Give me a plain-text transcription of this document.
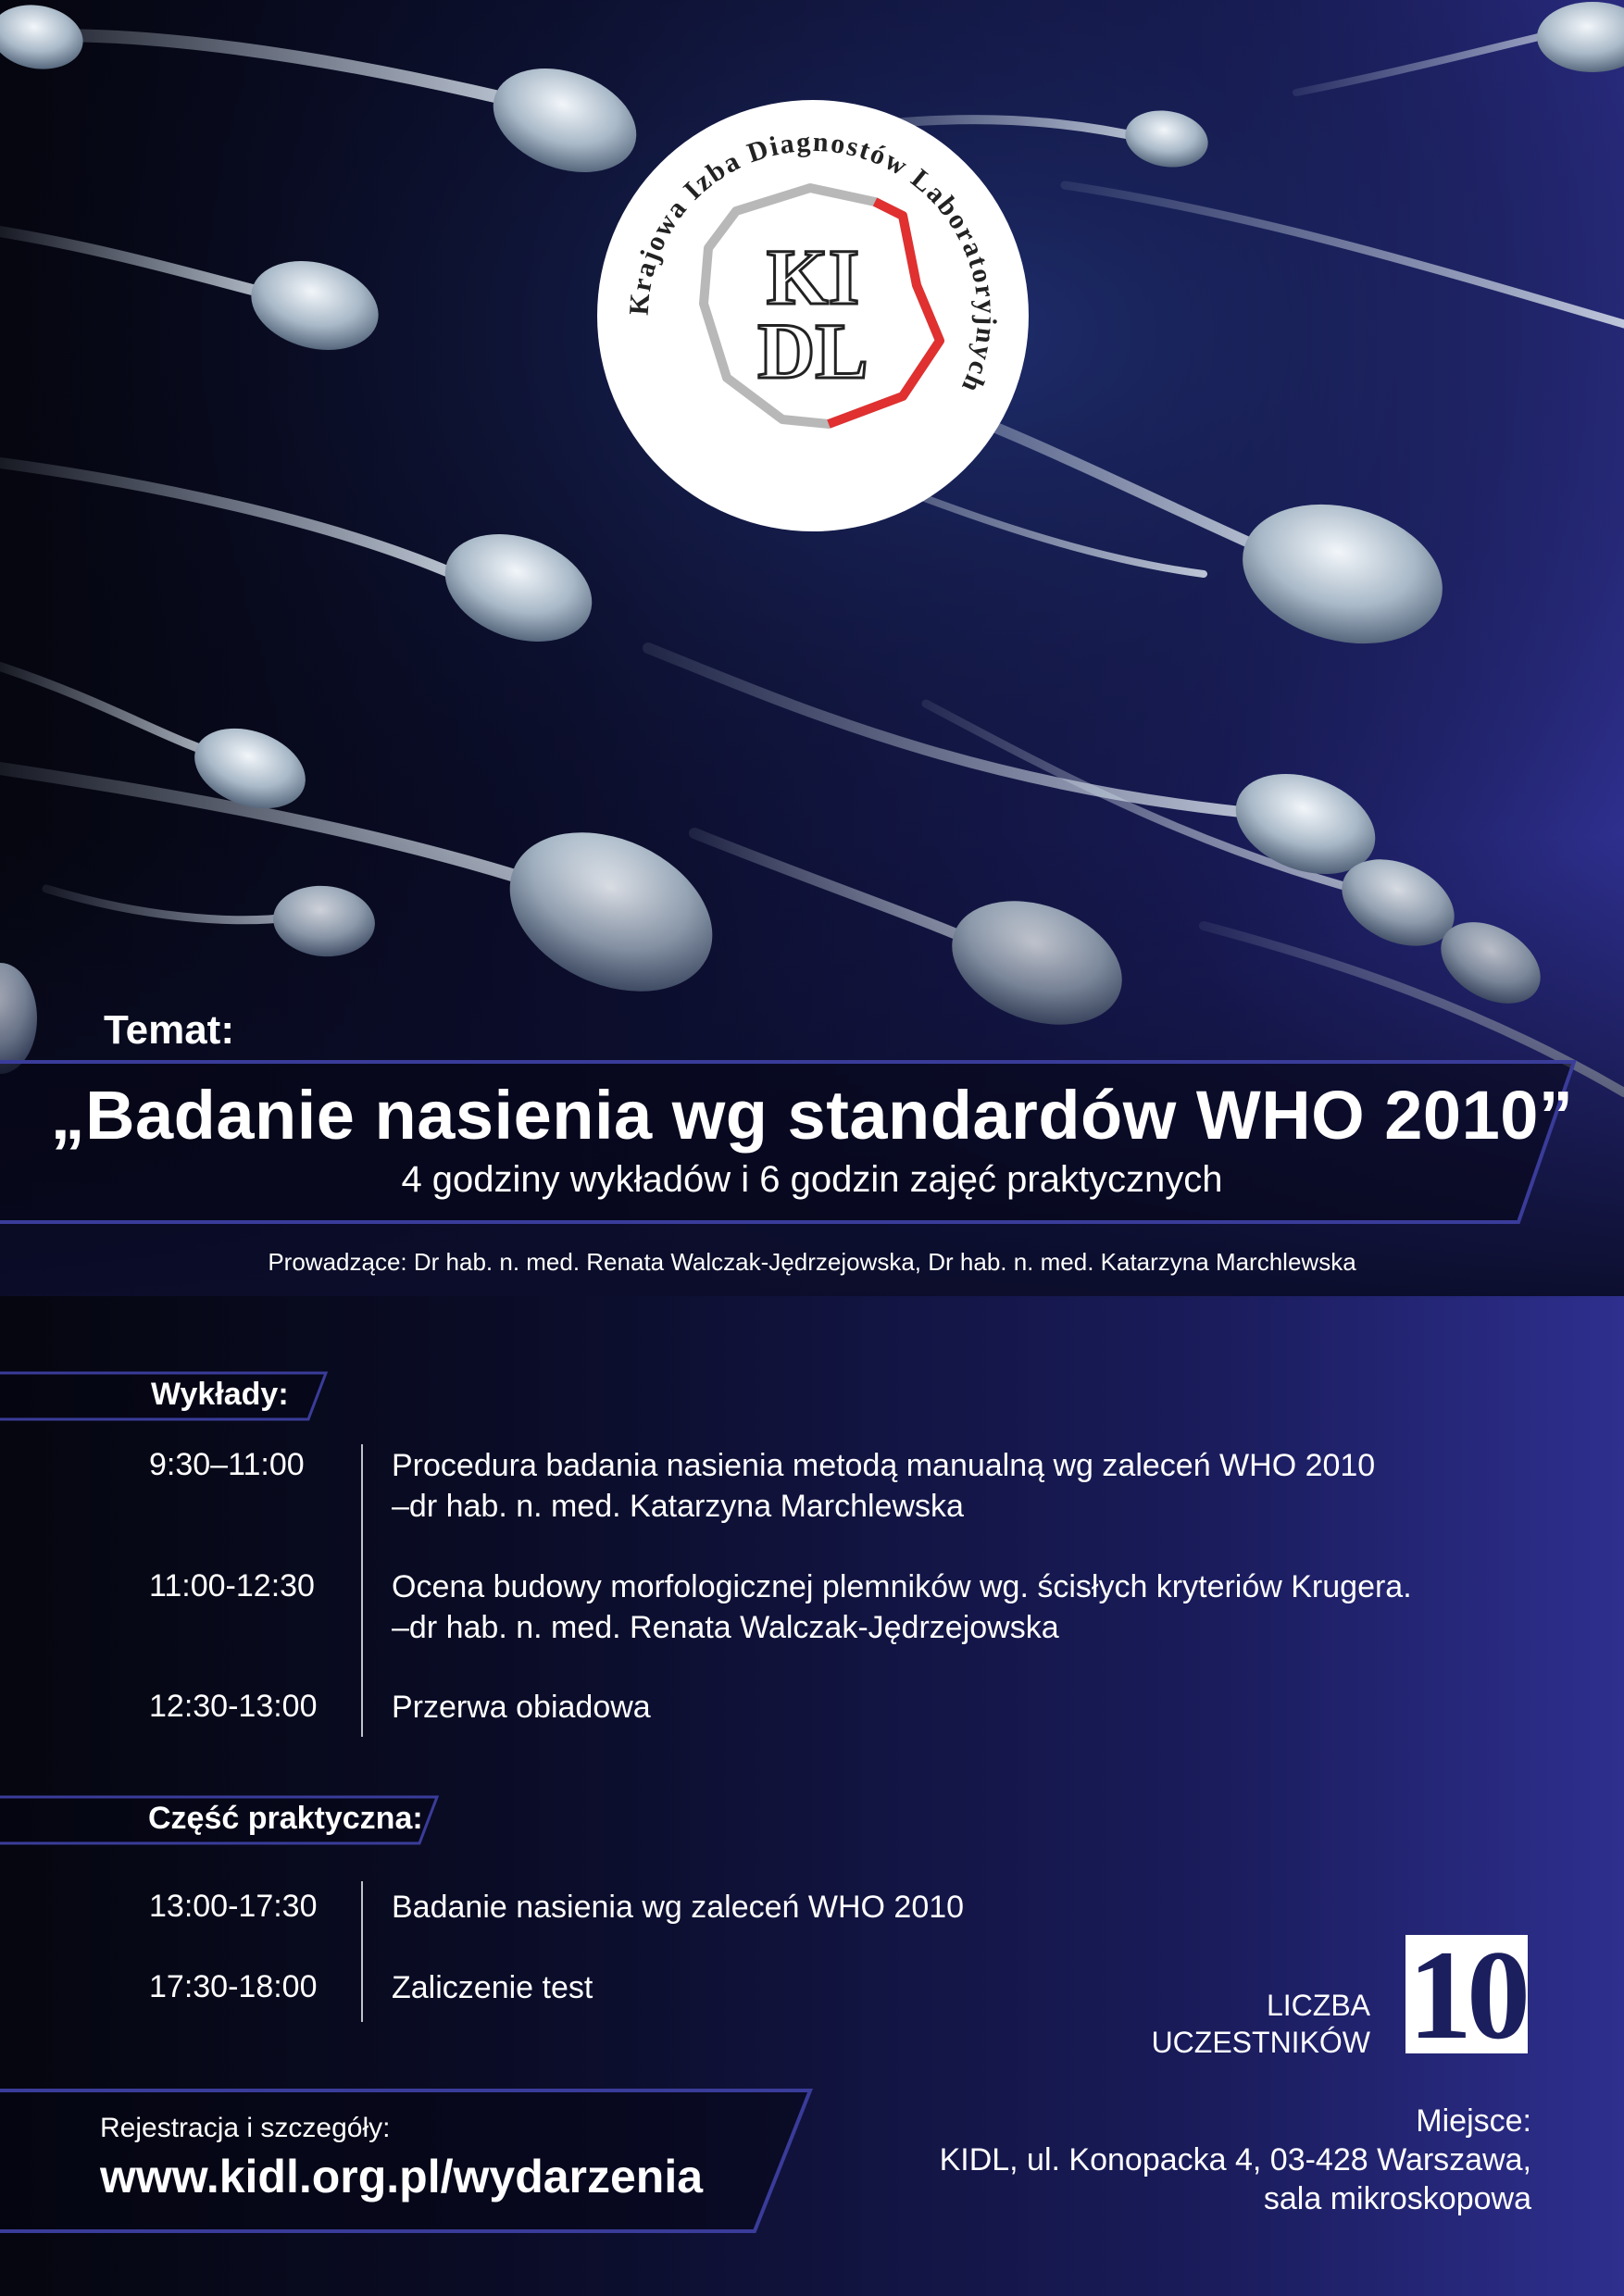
KI
DL
Krajowa Izba Diagnostów Laboratoryjnych
Temat:
„Badanie nasienia wg standardów WHO 2010”
4 godziny wykładów i 6 godzin zajęć praktycznych
Prowadzące: Dr hab. n. med. Renata Walczak-Jędrzejowska, Dr hab. n. med. Katarzyna Marchlewska
Wykłady:
9:30–11:00	Procedura badania nasienia metodą manualną wg zaleceń WHO 2010
–dr hab. n. med. Katarzyna Marchlewska
11:00-12:30	Ocena budowy morfologicznej plemników wg. ścisłych kryteriów Krugera.
–dr hab. n. med. Renata Walczak-Jędrzejowska
12:30-13:00	Przerwa obiadowa
Część praktyczna:
13:00-17:30	Badanie nasienia wg zaleceń WHO 2010
17:30-18:00	Zaliczenie test	LICZBA
UCZESTNIKÓW 10
Rejestracja i szczegóły:
www.kidl.org.pl/wydarzenia
Miejsce:
KIDL, ul. Konopacka 4, 03-428 Warszawa,
sala mikroskopowa
